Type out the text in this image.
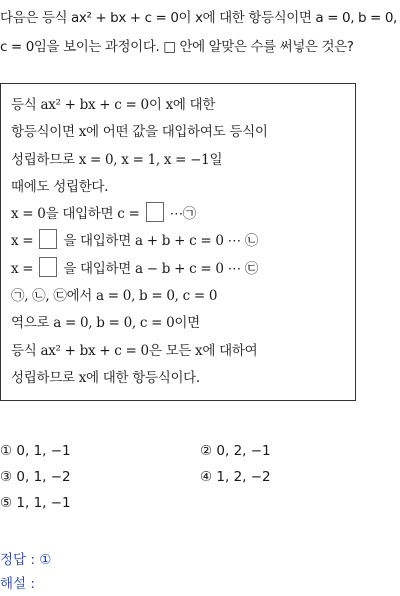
다음은 등식 ax² + bx + c = 0이 x에 대한 항등식이면 a = 0, b = 0, c = 0임을 보이는 과정이다. □ 안에 알맞은 수를 써넣은 것은?
등식 ax² + bx + c = 0이 x에 대한
항등식이면 x에 어떤 값을 대입하여도 등식이
성립하므로 x = 0, x = 1, x = −1일
때에도 성립한다.
x = 0을 대입하면 c = ⋯㉠
x = 을 대입하면 a + b + c = 0 ⋯ ㉡
x = 을 대입하면 a − b + c = 0 ⋯ ㉢
㉠, ㉡, ㉢에서 a = 0, b = 0, c = 0
역으로 a = 0, b = 0, c = 0이면
등식 ax² + bx + c = 0은 모든 x에 대하여
성립하므로 x에 대한 항등식이다.
① 0, 1, −1	② 0, 2, −1
③ 0, 1, −2	④ 1, 2, −2
⑤ 1, 1, −1
정답 : ①
해설 :
